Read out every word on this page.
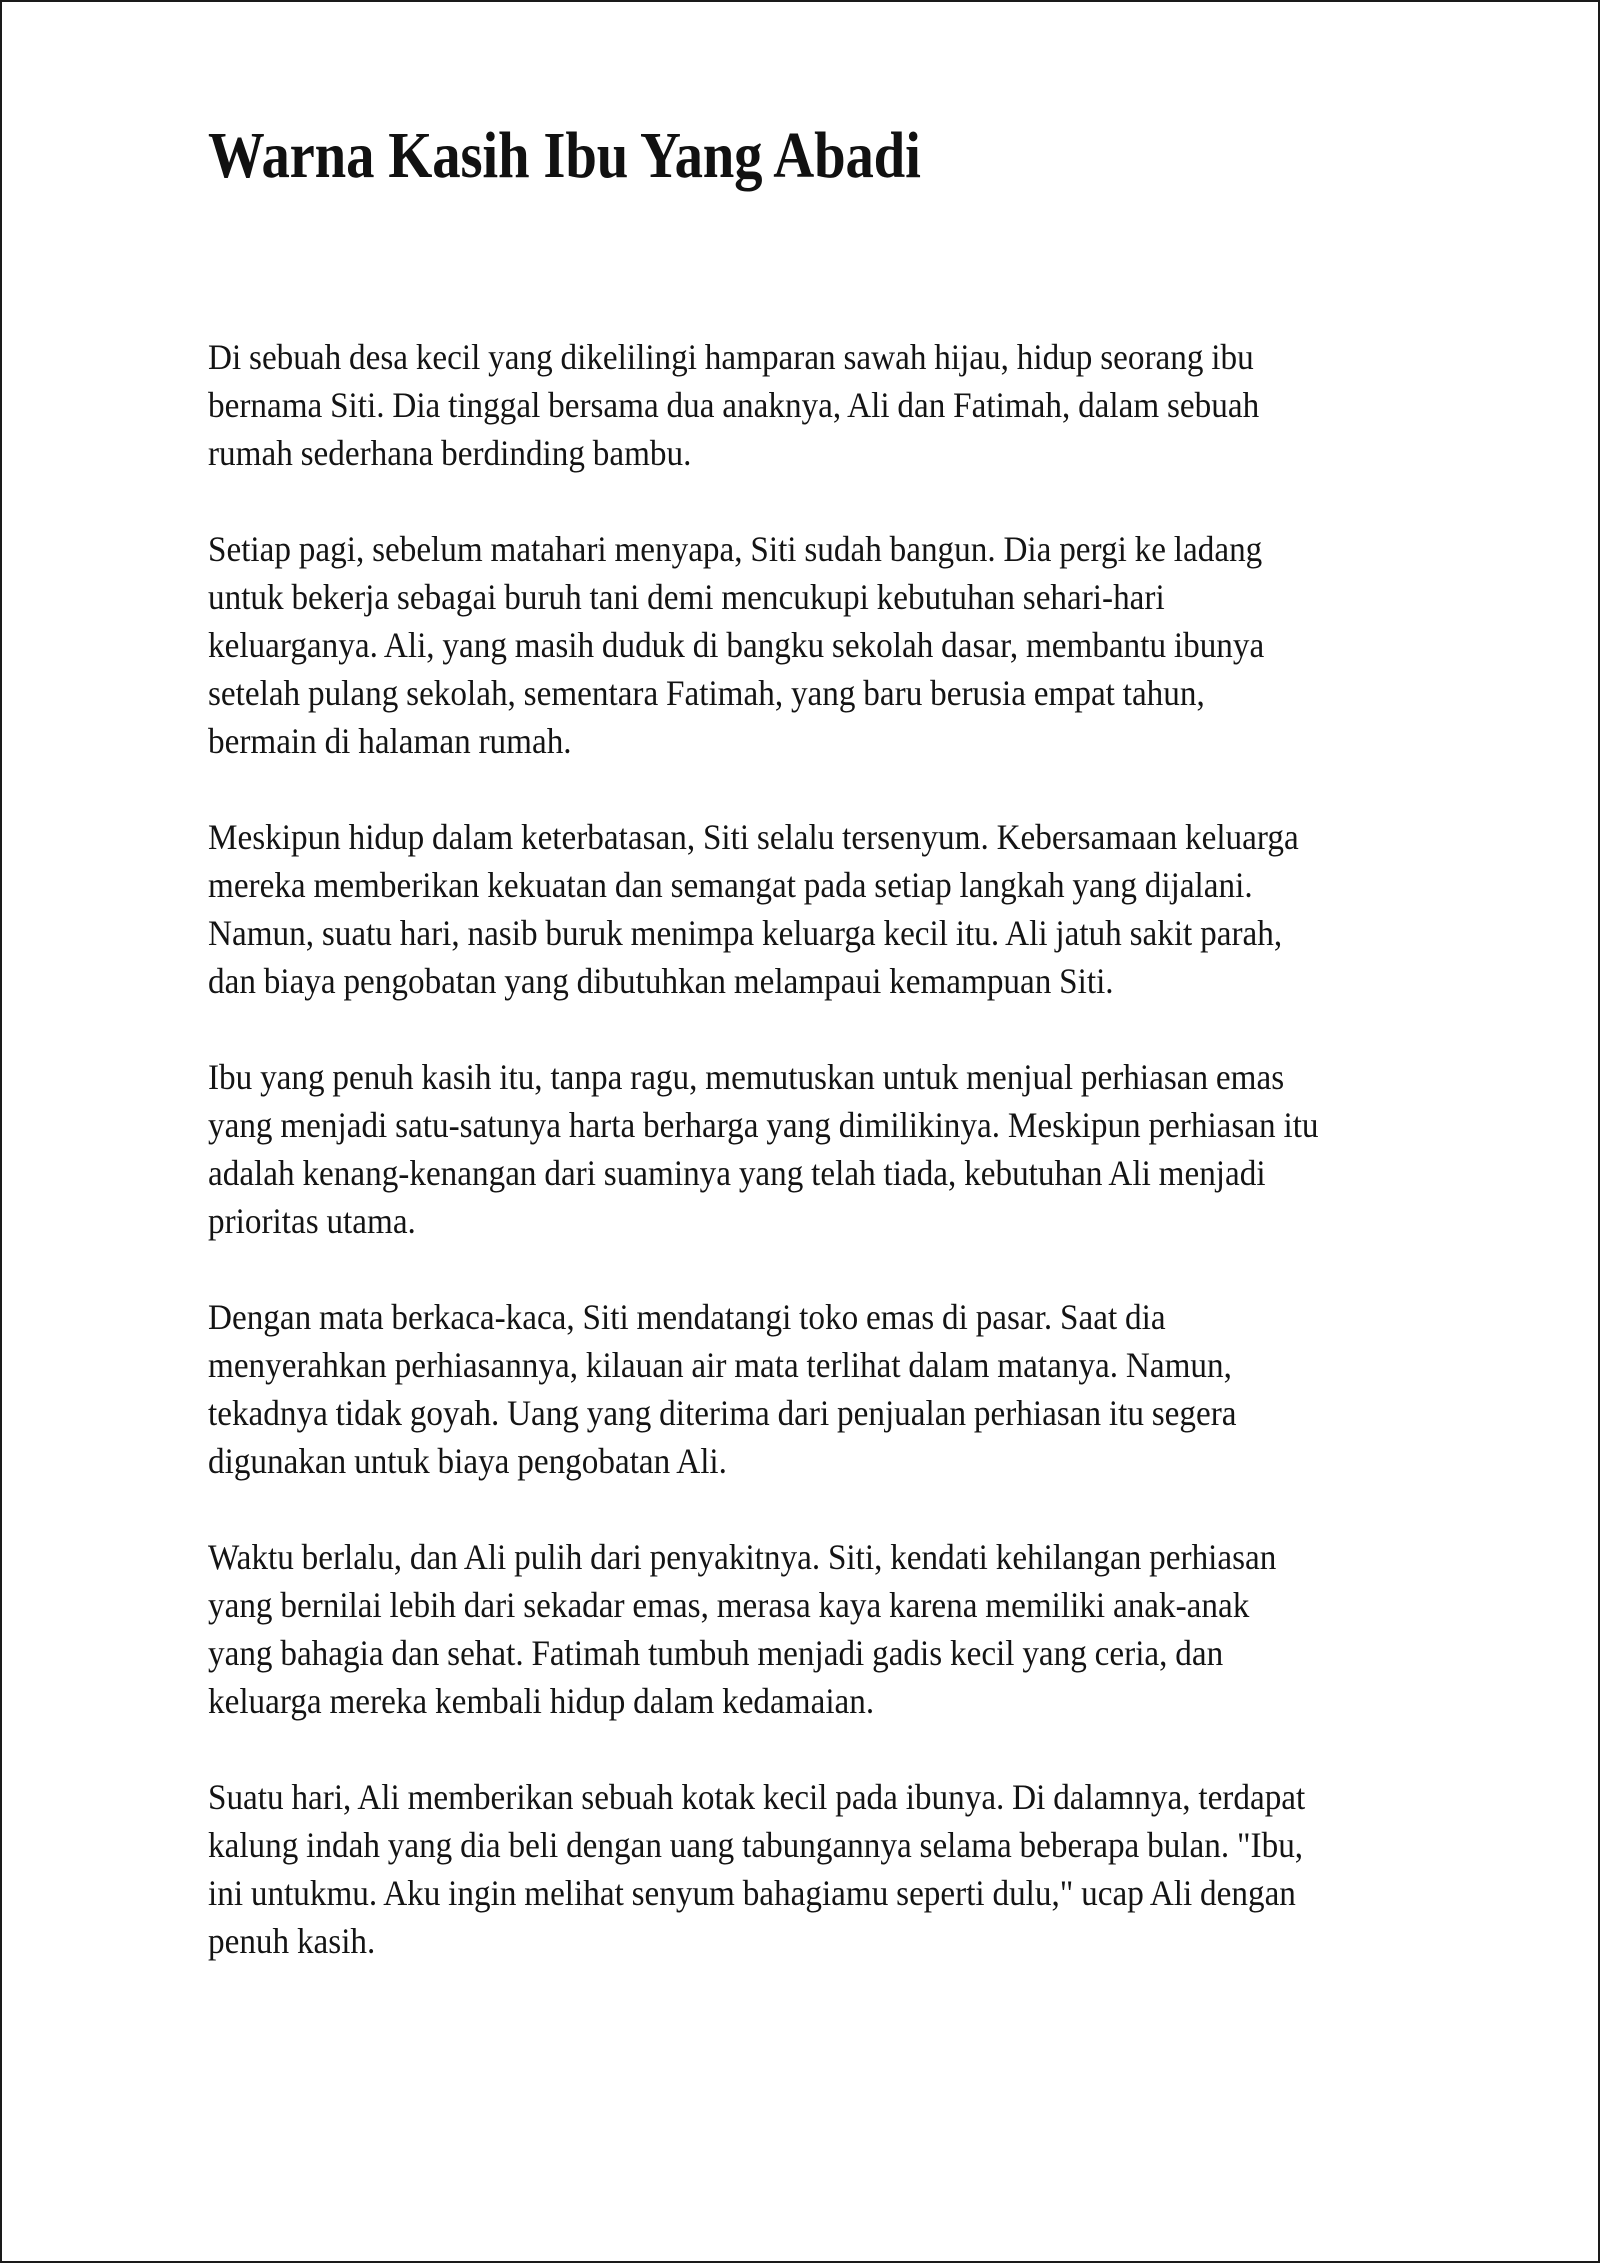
Warna Kasih Ibu Yang Abadi

Di sebuah desa kecil yang dikelilingi hamparan sawah hijau, hidup seorang ibu bernama Siti. Dia tinggal bersama dua anaknya, Ali dan Fatimah, dalam sebuah rumah sederhana berdinding bambu.

Setiap pagi, sebelum matahari menyapa, Siti sudah bangun. Dia pergi ke ladang untuk bekerja sebagai buruh tani demi mencukupi kebutuhan sehari-hari keluarganya. Ali, yang masih duduk di bangku sekolah dasar, membantu ibunya setelah pulang sekolah, sementara Fatimah, yang baru berusia empat tahun, bermain di halaman rumah.

Meskipun hidup dalam keterbatasan, Siti selalu tersenyum. Kebersamaan keluarga mereka memberikan kekuatan dan semangat pada setiap langkah yang dijalani. Namun, suatu hari, nasib buruk menimpa keluarga kecil itu. Ali jatuh sakit parah, dan biaya pengobatan yang dibutuhkan melampaui kemampuan Siti.

Ibu yang penuh kasih itu, tanpa ragu, memutuskan untuk menjual perhiasan emas yang menjadi satu-satunya harta berharga yang dimilikinya. Meskipun perhiasan itu adalah kenang-kenangan dari suaminya yang telah tiada, kebutuhan Ali menjadi prioritas utama.

Dengan mata berkaca-kaca, Siti mendatangi toko emas di pasar. Saat dia menyerahkan perhiasannya, kilauan air mata terlihat dalam matanya. Namun, tekadnya tidak goyah. Uang yang diterima dari penjualan perhiasan itu segera digunakan untuk biaya pengobatan Ali.

Waktu berlalu, dan Ali pulih dari penyakitnya. Siti, kendati kehilangan perhiasan yang bernilai lebih dari sekadar emas, merasa kaya karena memiliki anak-anak yang bahagia dan sehat. Fatimah tumbuh menjadi gadis kecil yang ceria, dan keluarga mereka kembali hidup dalam kedamaian.

Suatu hari, Ali memberikan sebuah kotak kecil pada ibunya. Di dalamnya, terdapat kalung indah yang dia beli dengan uang tabungannya selama beberapa bulan. "Ibu, ini untukmu. Aku ingin melihat senyum bahagiamu seperti dulu," ucap Ali dengan penuh kasih.
